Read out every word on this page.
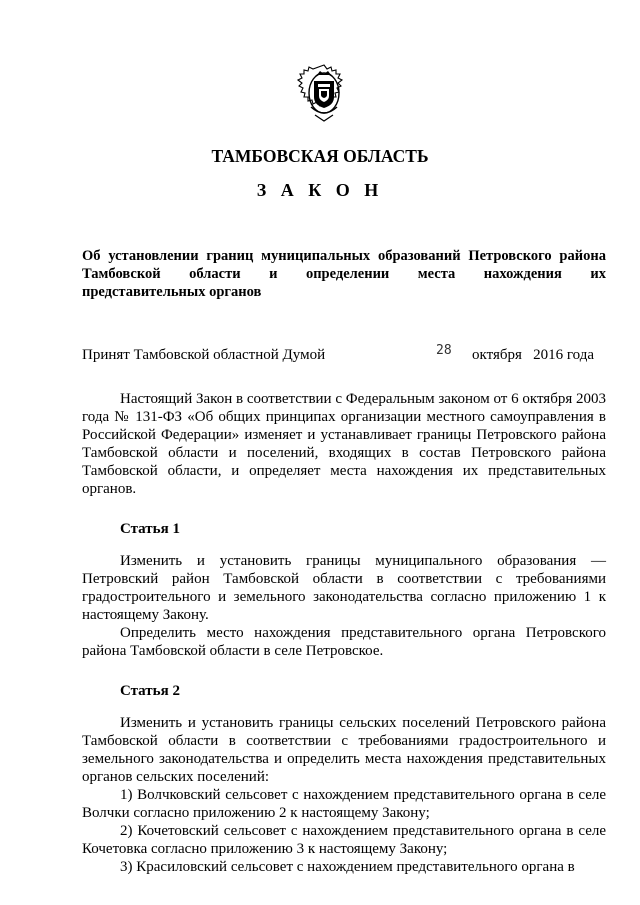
ТАМБОВСКАЯ ОБЛАСТЬ
З А К О Н
Об установлении границ муниципальных образований Петровского района
Тамбовской области и определении места нахождения их
представительных органов
Принят Тамбовской областной Думой	28 октября   2016 года
Настоящий Закон в соответствии с Федеральным законом от 6 октября 2003 года № 131-ФЗ «Об общих принципах организации местного самоуправления в Российской Федерации» изменяет и устанавливает границы Петровского района Тамбовской области и поселений, входящих в состав Петровского района Тамбовской области, и определяет места нахождения их представительных органов.
Статья 1
Изменить и установить границы муниципального образования — Петровский район Тамбовской области в соответствии с требованиями градостроительного и земельного законодательства согласно приложению 1 к настоящему Закону.
Определить место нахождения представительного органа Петровского района Тамбовской области в селе Петровское.
Статья 2
Изменить и установить границы сельских поселений Петровского района Тамбовской области в соответствии с требованиями градостроительного и земельного законодательства и определить места нахождения представительных органов сельских поселений:
1) Волчковский сельсовет с нахождением представительного органа в селе Волчки согласно приложению 2 к настоящему Закону;
2) Кочетовский сельсовет с нахождением представительного органа в селе Кочетовка согласно приложению 3 к настоящему Закону;
3) Красиловский сельсовет с нахождением представительного органа в
